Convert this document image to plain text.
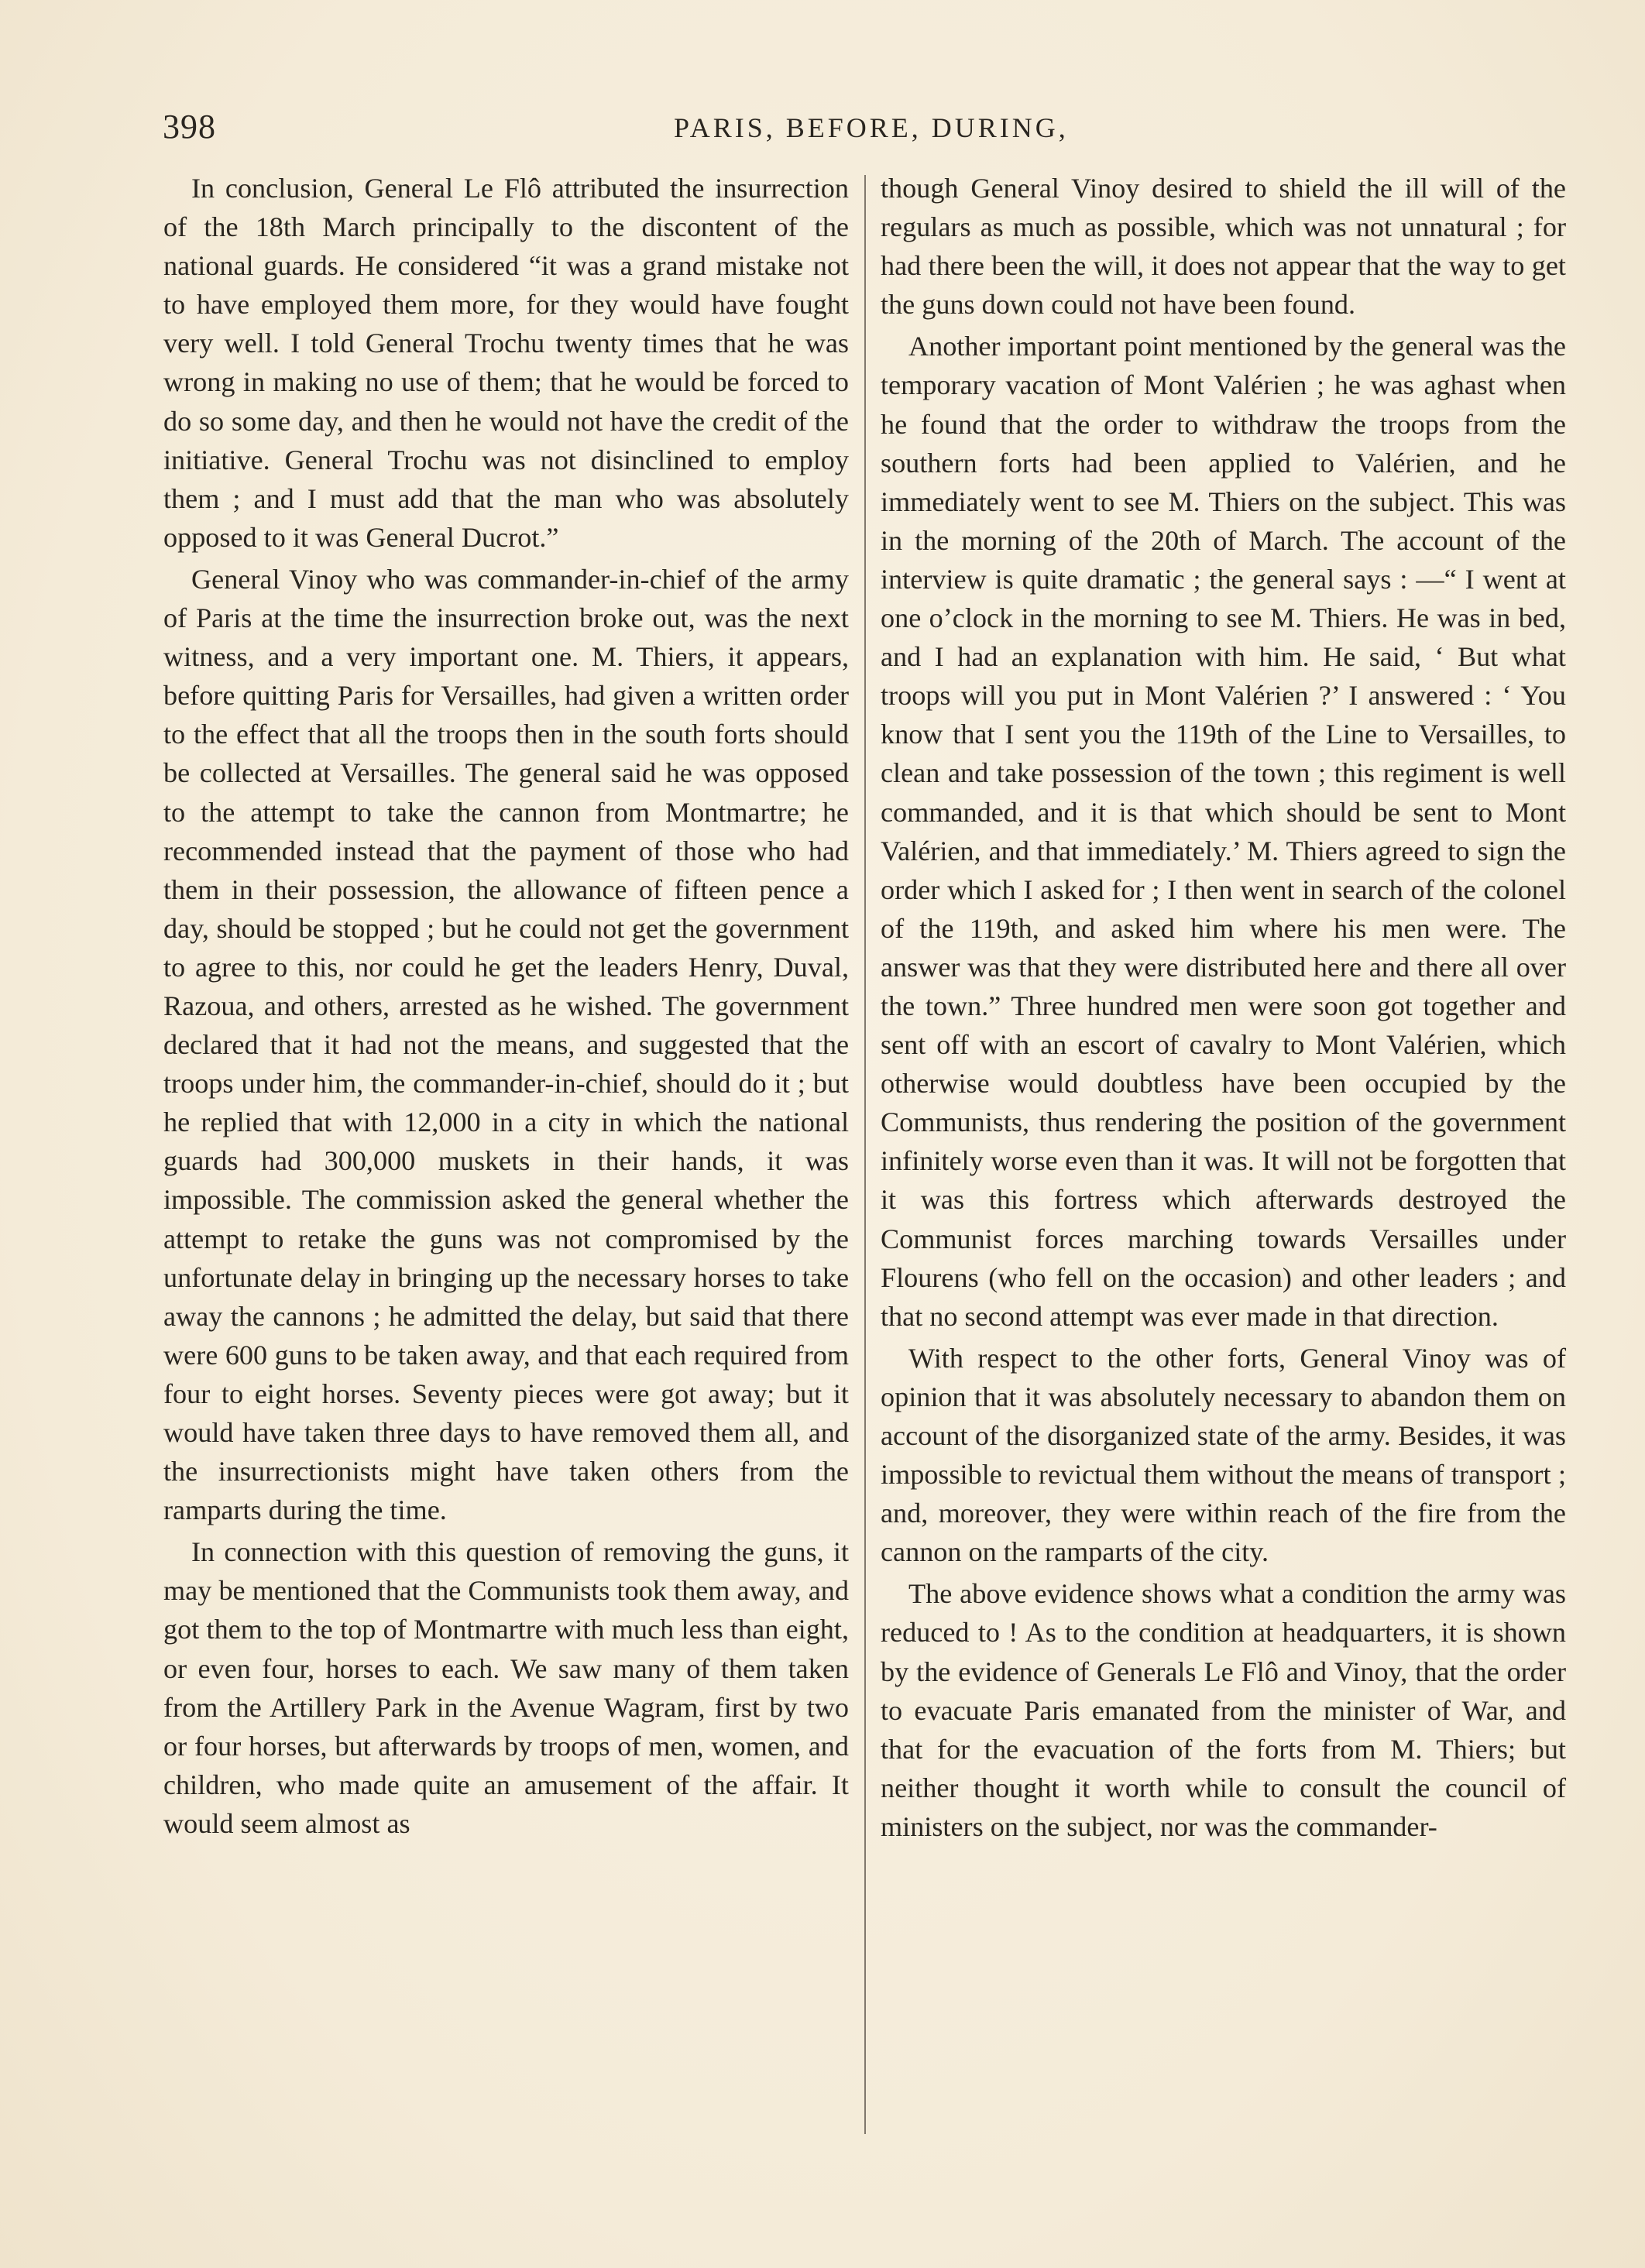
398	PARIS, BEFORE, DURING,

In conclusion, General Le Flô attributed the insurrection of the 18th March principally to the discontent of the national guards. He considered “it was a grand mistake not to have employed them more, for they would have fought very well. I told General Trochu twenty times that he was wrong in making no use of them; that he would be forced to do so some day, and then he would not have the credit of the initiative. General Trochu was not disinclined to employ them ; and I must add that the man who was absolutely opposed to it was General Ducrot.”

General Vinoy who was commander-in-chief of the army of Paris at the time the insurrection broke out, was the next witness, and a very important one. M. Thiers, it appears, before quitting Paris for Versailles, had given a written order to the effect that all the troops then in the south forts should be collected at Versailles. The general said he was opposed to the attempt to take the cannon from Montmartre; he recommended instead that the payment of those who had them in their possession, the allowance of fifteen pence a day, should be stopped ; but he could not get the government to agree to this, nor could he get the leaders Henry, Duval, Razoua, and others, arrested as he wished. The government declared that it had not the means, and suggested that the troops under him, the commander-in-chief, should do it ; but he replied that with 12,000 in a city in which the national guards had 300,000 muskets in their hands, it was impossible. The commission asked the general whether the attempt to retake the guns was not compromised by the unfortunate delay in bringing up the necessary horses to take away the cannons ; he admitted the delay, but said that there were 600 guns to be taken away, and that each required from four to eight horses. Seventy pieces were got away; but it would have taken three days to have removed them all, and the insurrectionists might have taken others from the ramparts during the time.

In connection with this question of removing the guns, it may be mentioned that the Communists took them away, and got them to the top of Montmartre with much less than eight, or even four, horses to each. We saw many of them taken from the Artillery Park in the Avenue Wagram, first by two or four horses, but afterwards by troops of men, women, and children, who made quite an amusement of the affair. It would seem almost as

though General Vinoy desired to shield the ill will of the regulars as much as possible, which was not unnatural ; for had there been the will, it does not appear that the way to get the guns down could not have been found.

Another important point mentioned by the general was the temporary vacation of Mont Valérien ; he was aghast when he found that the order to withdraw the troops from the southern forts had been applied to Valérien, and he immediately went to see M. Thiers on the subject. This was in the morning of the 20th of March. The account of the interview is quite dramatic ; the general says : —“ I went at one o’clock in the morning to see M. Thiers. He was in bed, and I had an explanation with him. He said, ‘ But what troops will you put in Mont Valérien ?’ I answered : ‘ You know that I sent you the 119th of the Line to Versailles, to clean and take possession of the town ; this regiment is well commanded, and it is that which should be sent to Mont Valérien, and that immediately.’ M. Thiers agreed to sign the order which I asked for ; I then went in search of the colonel of the 119th, and asked him where his men were. The answer was that they were distributed here and there all over the town.” Three hundred men were soon got together and sent off with an escort of cavalry to Mont Valérien, which otherwise would doubtless have been occupied by the Communists, thus rendering the position of the government infinitely worse even than it was. It will not be forgotten that it was this fortress which afterwards destroyed the Communist forces marching towards Versailles under Flourens (who fell on the occasion) and other leaders ; and that no second attempt was ever made in that direction.

With respect to the other forts, General Vinoy was of opinion that it was absolutely necessary to abandon them on account of the disorganized state of the army. Besides, it was impossible to revictual them without the means of transport ; and, moreover, they were within reach of the fire from the cannon on the ramparts of the city.

The above evidence shows what a condition the army was reduced to ! As to the condition at headquarters, it is shown by the evidence of Generals Le Flô and Vinoy, that the order to evacuate Paris emanated from the minister of War, and that for the evacuation of the forts from M. Thiers; but neither thought it worth while to consult the council of ministers on the subject, nor was the commander-
